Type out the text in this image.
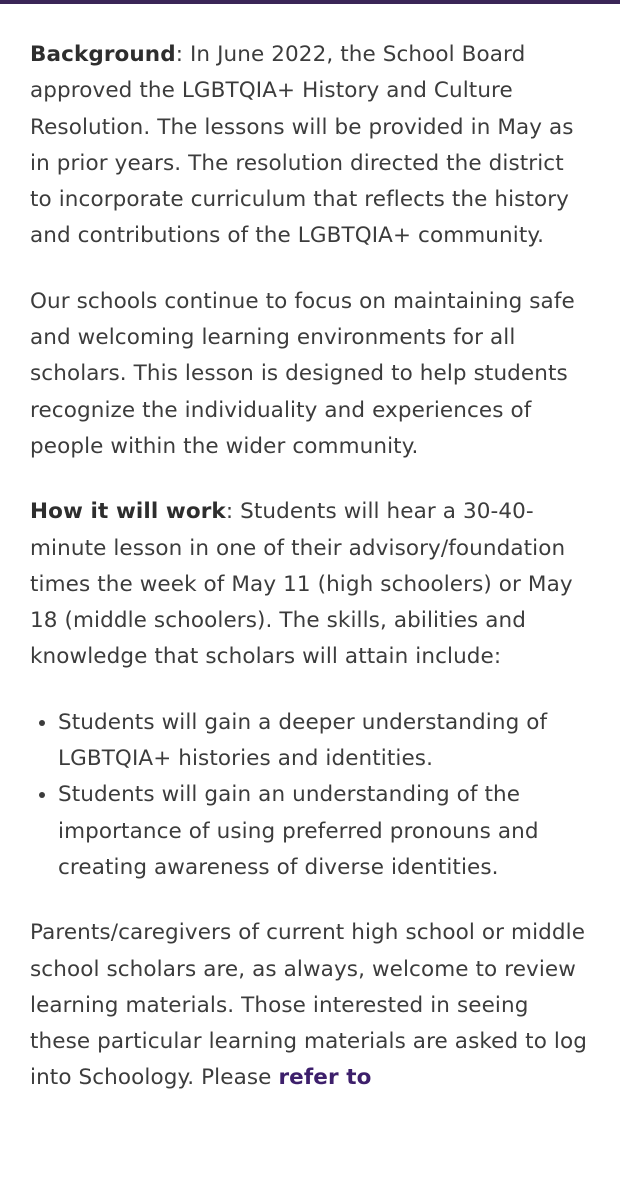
Background: In June 2022, the School Board approved the LGBTQIA+ History and Culture Resolution. The lessons will be provided in May as in prior years. The resolution directed the district to incorporate curriculum that reflects the history and contributions of the LGBTQIA+ community.

Our schools continue to focus on maintaining safe and welcoming learning environments for all scholars. This lesson is designed to help students recognize the individuality and experiences of people within the wider community.

How it will work: Students will hear a 30-40-minute lesson in one of their advisory/foundation times the week of May 11 (high schoolers) or May 18 (middle schoolers). The skills, abilities and knowledge that scholars will attain include:

• Students will gain a deeper understanding of LGBTQIA+ histories and identities.
• Students will gain an understanding of the importance of using preferred pronouns and creating awareness of diverse identities.

Parents/caregivers of current high school or middle school scholars are, as always, welcome to review learning materials. Those interested in seeing these particular learning materials are asked to log into Schoology. Please refer to
